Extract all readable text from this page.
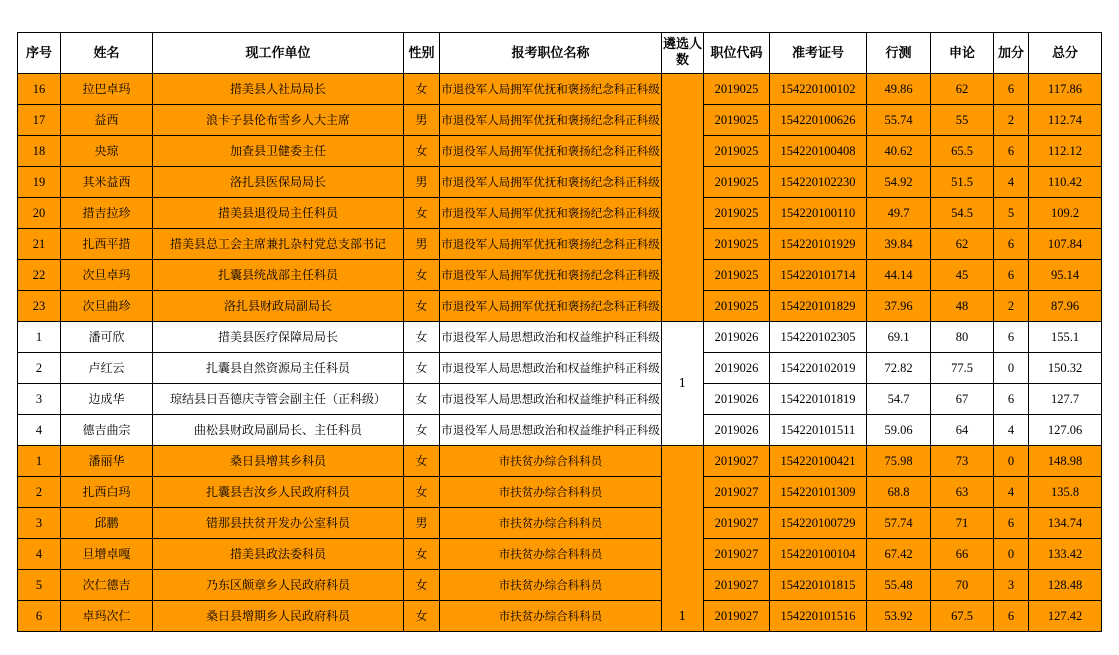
序号	姓名	现工作单位	性别	报考职位名称	遴选人数	职位代码	准考证号	行测	申论	加分	总分
16	拉巴卓玛	措美县人社局局长	女	市退役军人局拥军优抚和褒扬纪念科正科级		2019025	154220100102	49.86	62	6	117.86
17	益西	浪卡子县伦布雪乡人大主席	男	市退役军人局拥军优抚和褒扬纪念科正科级		2019025	154220100626	55.74	55	2	112.74
18	央琼	加查县卫健委主任	女	市退役军人局拥军优抚和褒扬纪念科正科级		2019025	154220100408	40.62	65.5	6	112.12
19	其米益西	洛扎县医保局局长	男	市退役军人局拥军优抚和褒扬纪念科正科级		2019025	154220102230	54.92	51.5	4	110.42
20	措吉拉珍	措美县退役局主任科员	女	市退役军人局拥军优抚和褒扬纪念科正科级		2019025	154220100110	49.7	54.5	5	109.2
21	扎西平措	措美县总工会主席兼扎杂村党总支部书记	男	市退役军人局拥军优抚和褒扬纪念科正科级		2019025	154220101929	39.84	62	6	107.84
22	次旦卓玛	扎囊县统战部主任科员	女	市退役军人局拥军优抚和褒扬纪念科正科级		2019025	154220101714	44.14	45	6	95.14
23	次旦曲珍	洛扎县财政局副局长	女	市退役军人局拥军优抚和褒扬纪念科正科级		2019025	154220101829	37.96	48	2	87.96
1	潘可欣	措美县医疗保障局局长	女	市退役军人局思想政治和权益维护科正科级	1	2019026	154220102305	69.1	80	6	155.1
2	卢红云	扎囊县自然资源局主任科员	女	市退役军人局思想政治和权益维护科正科级		2019026	154220102019	72.82	77.5	0	150.32
3	边成华	琼结县日吾德庆寺管会副主任（正科级）	女	市退役军人局思想政治和权益维护科正科级		2019026	154220101819	54.7	67	6	127.7
4	德吉曲宗	曲松县财政局副局长、主任科员	女	市退役军人局思想政治和权益维护科正科级		2019026	154220101511	59.06	64	4	127.06
1	潘丽华	桑日县增其乡科员	女	市扶贫办综合科科员	1	2019027	154220100421	75.98	73	0	148.98
2	扎西白玛	扎囊县吉汝乡人民政府科员	女	市扶贫办综合科科员		2019027	154220101309	68.8	63	4	135.8
3	邱鹏	错那县扶贫开发办公室科员	男	市扶贫办综合科科员		2019027	154220100729	57.74	71	6	134.74
4	旦增卓嘎	措美县政法委科员	女	市扶贫办综合科科员		2019027	154220100104	67.42	66	0	133.42
5	次仁德吉	乃东区颇章乡人民政府科员	女	市扶贫办综合科科员		2019027	154220101815	55.48	70	3	128.48
6	卓玛次仁	桑日县增期乡人民政府科员	女	市扶贫办综合科科员		2019027	154220101516	53.92	67.5	6	127.42
